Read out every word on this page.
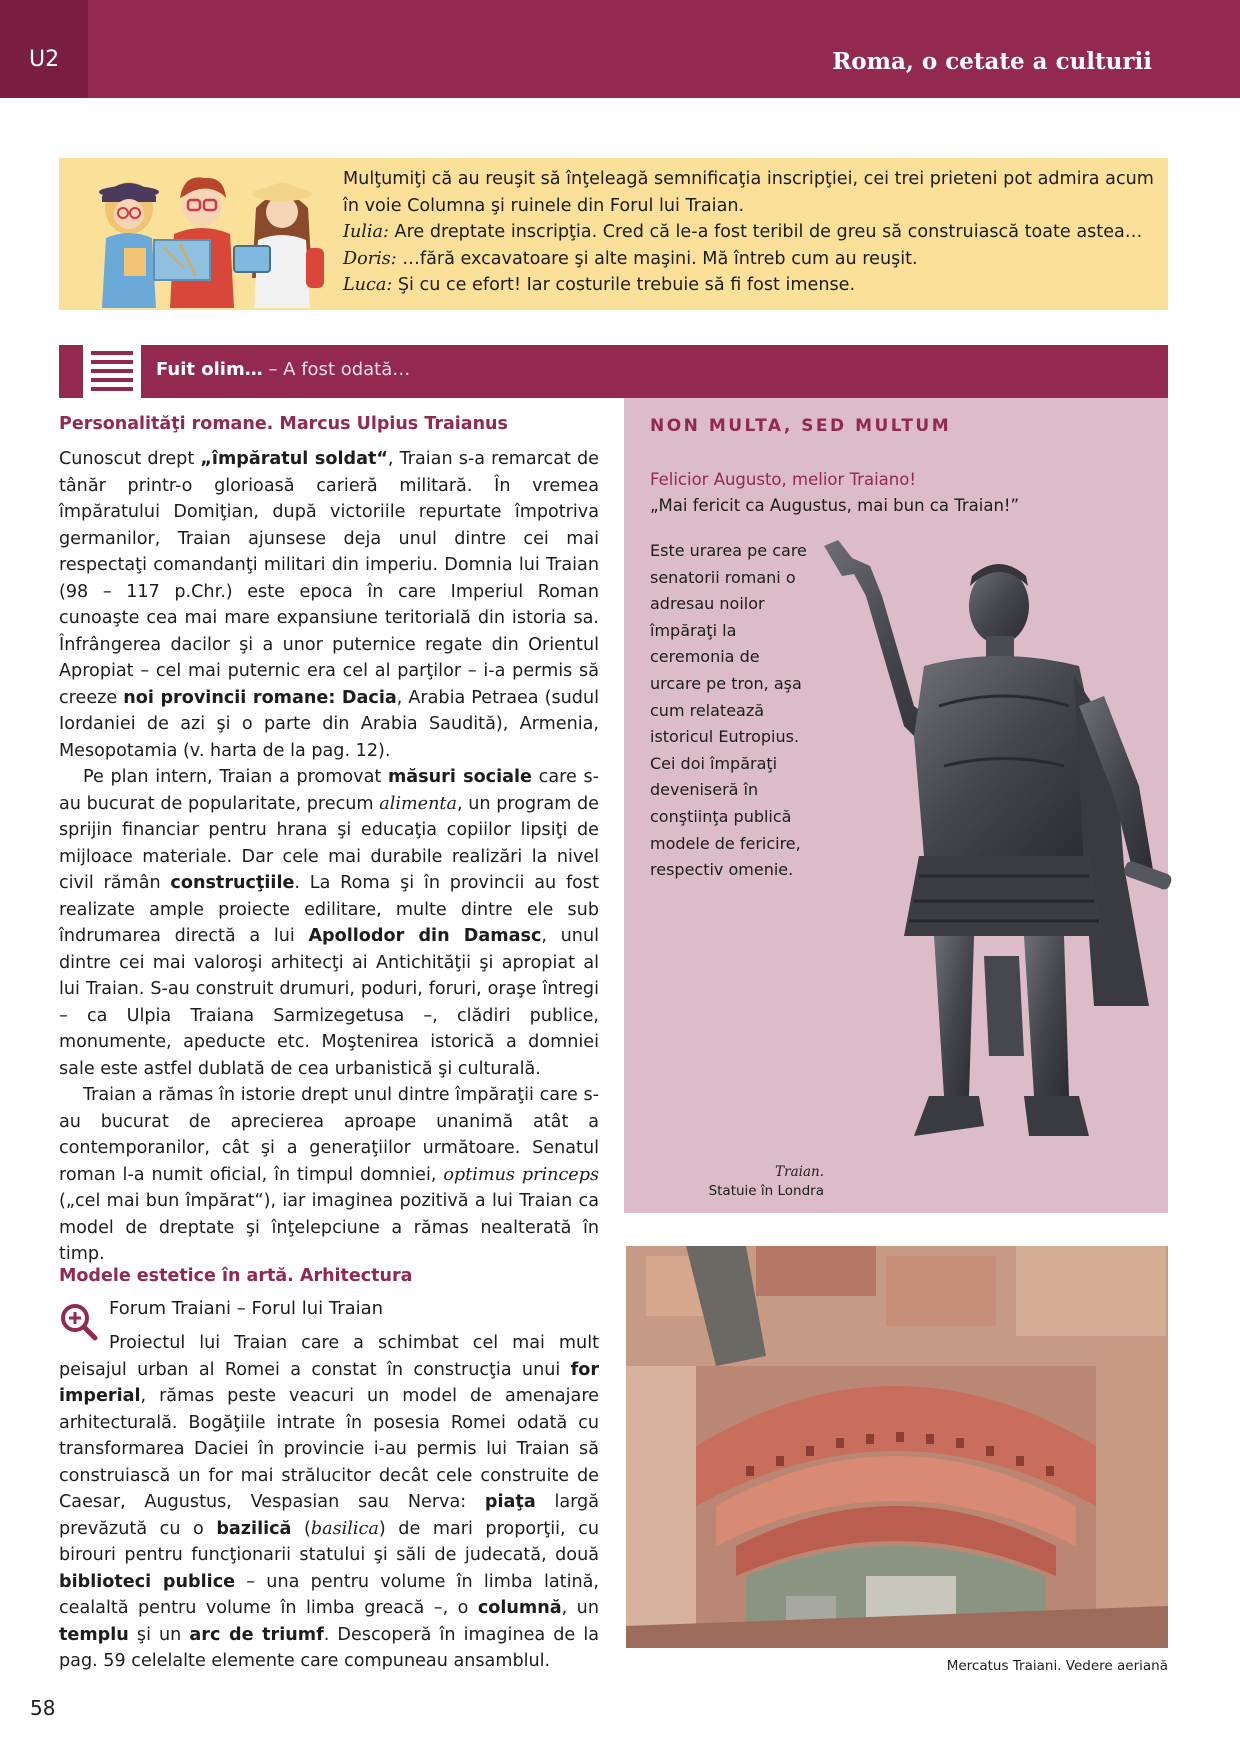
U2	Roma, o cetate a culturii
Mulţumiţi că au reuşit să înţeleagă semnificaţia inscripţiei, cei trei prieteni pot admira acum în voie Columna şi ruinele din Forul lui Traian.
Iulia: Are dreptate inscripţia. Cred că le-a fost teribil de greu să construiască toate astea…
Doris: …fără excavatoare şi alte maşini. Mă întreb cum au reuşit.
Luca: Şi cu ce efort! Iar costurile trebuie să fi fost imense.
Fuit olim… – A fost odată…
Personalităţi romane. Marcus Ulpius Traianus

Cunoscut drept „împăratul soldat“, Traian s-a remarcat de tânăr printr-o glorioasă carieră militară. În vremea împăratului Domiţian, după victoriile repurtate împotriva germanilor, Traian ajunsese deja unul dintre cei mai respectaţi comandanţi militari din imperiu. Domnia lui Traian (98 – 117 p.Chr.) este epoca în care Imperiul Roman cunoaşte cea mai mare expansiune teritorială din istoria sa. Înfrângerea dacilor şi a unor puternice regate din Orientul Apropiat – cel mai puternic era cel al parţilor – i-a permis să creeze noi provincii romane: Dacia, Arabia Petraea (sudul Iordaniei de azi şi o parte din Arabia Saudită), Armenia, Mesopotamia (v. harta de la pag. 12).

Pe plan intern, Traian a promovat măsuri sociale care s-au bucurat de popularitate, precum alimenta, un program de sprijin financiar pentru hrana şi educaţia copiilor lipsiţi de mijloace materiale. Dar cele mai durabile realizări la nivel civil rămân construcţiile. La Roma şi în provincii au fost realizate ample proiecte edilitare, multe dintre ele sub îndrumarea directă a lui Apollodor din Damasc, unul dintre cei mai valoroşi arhitecţi ai Antichităţii şi apropiat al lui Traian. S-au construit drumuri, poduri, foruri, oraşe întregi – ca Ulpia Traiana Sarmizegetusa –, clădiri publice, monumente, apeducte etc. Moştenirea istorică a domniei sale este astfel dublată de cea urbanistică şi culturală.

Traian a rămas în istorie drept unul dintre împăraţii care s-au bucurat de aprecierea aproape unanimă atât a contemporanilor, cât şi a generaţiilor următoare. Senatul roman l-a numit oficial, în timpul domniei, optimus princeps („cel mai bun împărat“), iar imaginea pozitivă a lui Traian ca model de dreptate şi înţelepciune a rămas nealterată în timp.

Modele estetice în artă. Arhitectura
Forum Traiani – Forul lui Traian

Proiectul lui Traian care a schimbat cel mai mult peisajul urban al Romei a constat în construcţia unui for imperial, rămas peste veacuri un model de amenajare arhitecturală. Bogăţiile intrate în posesia Romei odată cu transformarea Daciei în provincie i-au permis lui Traian să construiască un for mai strălucitor decât cele construite de Caesar, Augustus, Vespasian sau Nerva: piaţa largă prevăzută cu o bazilică (basilica) de mari proporţii, cu birouri pentru funcţionarii statului şi săli de judecată, două biblioteci publice – una pentru volume în limba latină, cealaltă pentru volume în limba greacă –, o columnă, un templu şi un arc de triumf. Descoperă în imaginea de la pag. 59 celelalte elemente care compuneau ansamblul.

NON MULTA, SED MULTUM
Felicior Augusto, melior Traiano!
„Mai fericit ca Augustus, mai bun ca Traian!”
Este urarea pe care senatorii romani o adresau noilor împăraţi la ceremonia de urcare pe tron, aşa cum relatează istoricul Eutropius. Cei doi împăraţi deveniseră în conştiinţa publică modele de fericire, respectiv omenie.
Traian.
Statuie în Londra
Mercatus Traiani. Vedere aeriană
58
